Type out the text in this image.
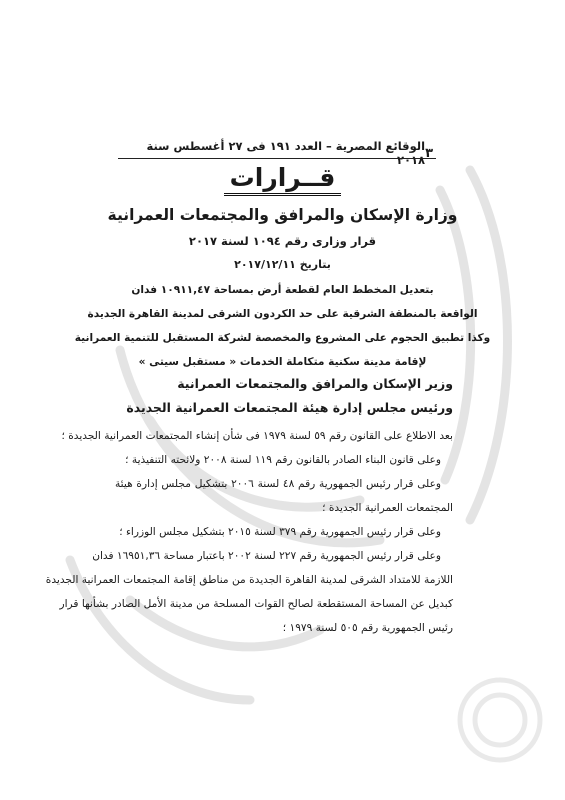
٣
الوقائع المصرية – العدد ١٩١ فى ٢٧ أغسطس سنة ٢٠١٨
قــرارات
وزارة الإسكان والمرافق والمجتمعات العمرانية
قرار وزارى رقم ١٠٩٤ لسنة ٢٠١٧
بتاريخ ٢٠١٧/١٢/١١
بتعديل المخطط العام لقطعة أرض بمساحة ١٠٩١١,٤٧ فدان
الواقعة بالمنطقة الشرقية على حد الكردون الشرقى لمدينة القاهرة الجديدة
وكذا تطبيق الحجوم على المشروع والمخصصة لشركة المستقبل للتنمية العمرانية
لإقامة مدينة سكنية متكاملة الخدمات « مستقبل سيتى »
وزير الإسكان والمرافق والمجتمعات العمرانية
ورئيس مجلس إدارة هيئة المجتمعات العمرانية الجديدة
بعد الاطلاع على القانون رقم ٥٩ لسنة ١٩٧٩ فى شأن إنشاء المجتمعات العمرانية الجديدة ؛
وعلى قانون البناء الصادر بالقانون رقم ١١٩ لسنة ٢٠٠٨ ولائحته التنفيذية ؛
وعلى قرار رئيس الجمهورية رقم ٤٨ لسنة ٢٠٠٦ بتشكيل مجلس إدارة هيئة
المجتمعات العمرانية الجديدة ؛
وعلى قرار رئيس الجمهورية رقم ٣٧٩ لسنة ٢٠١٥ بتشكيل مجلس الوزراء ؛
وعلى قرار رئيس الجمهورية رقم ٢٢٧ لسنة ٢٠٠٢ باعتبار مساحة ١٦٩٥١,٣٦ فدان
اللازمة للامتداد الشرقى لمدينة القاهرة الجديدة من مناطق إقامة المجتمعات العمرانية الجديدة
كبديل عن المساحة المستقطعة لصالح القوات المسلحة من مدينة الأمل الصادر بشأنها قرار
رئيس الجمهورية رقم ٥٠٥ لسنة ١٩٧٩ ؛
